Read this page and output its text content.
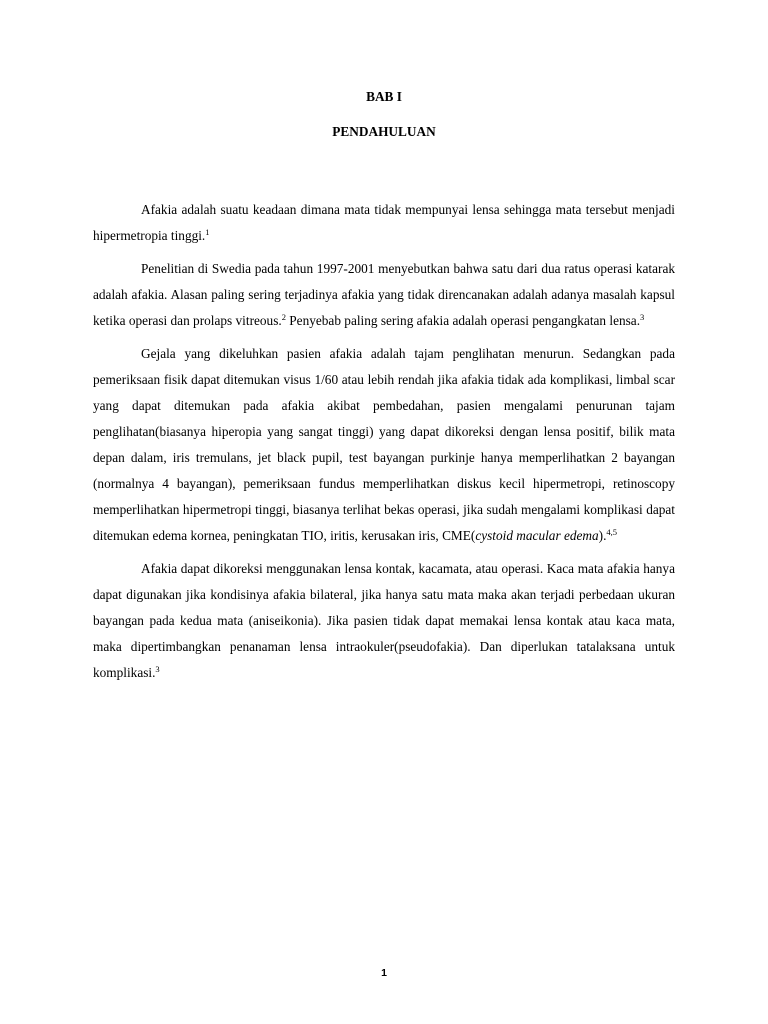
BAB I
PENDAHULUAN

Afakia adalah suatu keadaan dimana mata tidak mempunyai lensa sehingga mata tersebut menjadi hipermetropia tinggi.$^1$

Penelitian di Swedia pada tahun 1997-2001 menyebutkan bahwa satu dari dua ratus operasi katarak adalah afakia. Alasan paling sering terjadinya afakia yang tidak direncanakan adalah adanya masalah kapsul ketika operasi dan prolaps vitreous.$^2$ Penyebab paling sering afakia adalah operasi pengangkatan lensa.$^3$

Gejala yang dikeluhkan pasien afakia adalah tajam penglihatan menurun. Sedangkan pada pemeriksaan fisik dapat ditemukan visus 1/60 atau lebih rendah jika afakia tidak ada komplikasi, limbal scar yang dapat ditemukan pada afakia akibat pembedahan, pasien mengalami penurunan tajam penglihatan(biasanya hiperopia yang sangat tinggi) yang dapat dikoreksi dengan lensa positif, bilik mata depan dalam, iris tremulans, jet black pupil, test bayangan purkinje hanya memperlihatkan 2 bayangan (normalnya 4 bayangan), pemeriksaan fundus memperlihatkan diskus kecil hipermetropi, retinoscopy memperlihatkan hipermetropi tinggi, biasanya terlihat bekas operasi, jika sudah mengalami komplikasi dapat ditemukan edema kornea, peningkatan TIO, iritis, kerusakan iris, CME(cystoid macular edema).$^{4,5}$

Afakia dapat dikoreksi menggunakan lensa kontak, kacamata, atau operasi. Kaca mata afakia hanya dapat digunakan jika kondisinya afakia bilateral, jika hanya satu mata maka akan terjadi perbedaan ukuran bayangan pada kedua mata (aniseikonia). Jika pasien tidak dapat memakai lensa kontak atau kaca mata, maka dipertimbangkan penanaman lensa intraokuler(pseudofakia). Dan diperlukan tatalaksana untuk komplikasi.$^3$

1
